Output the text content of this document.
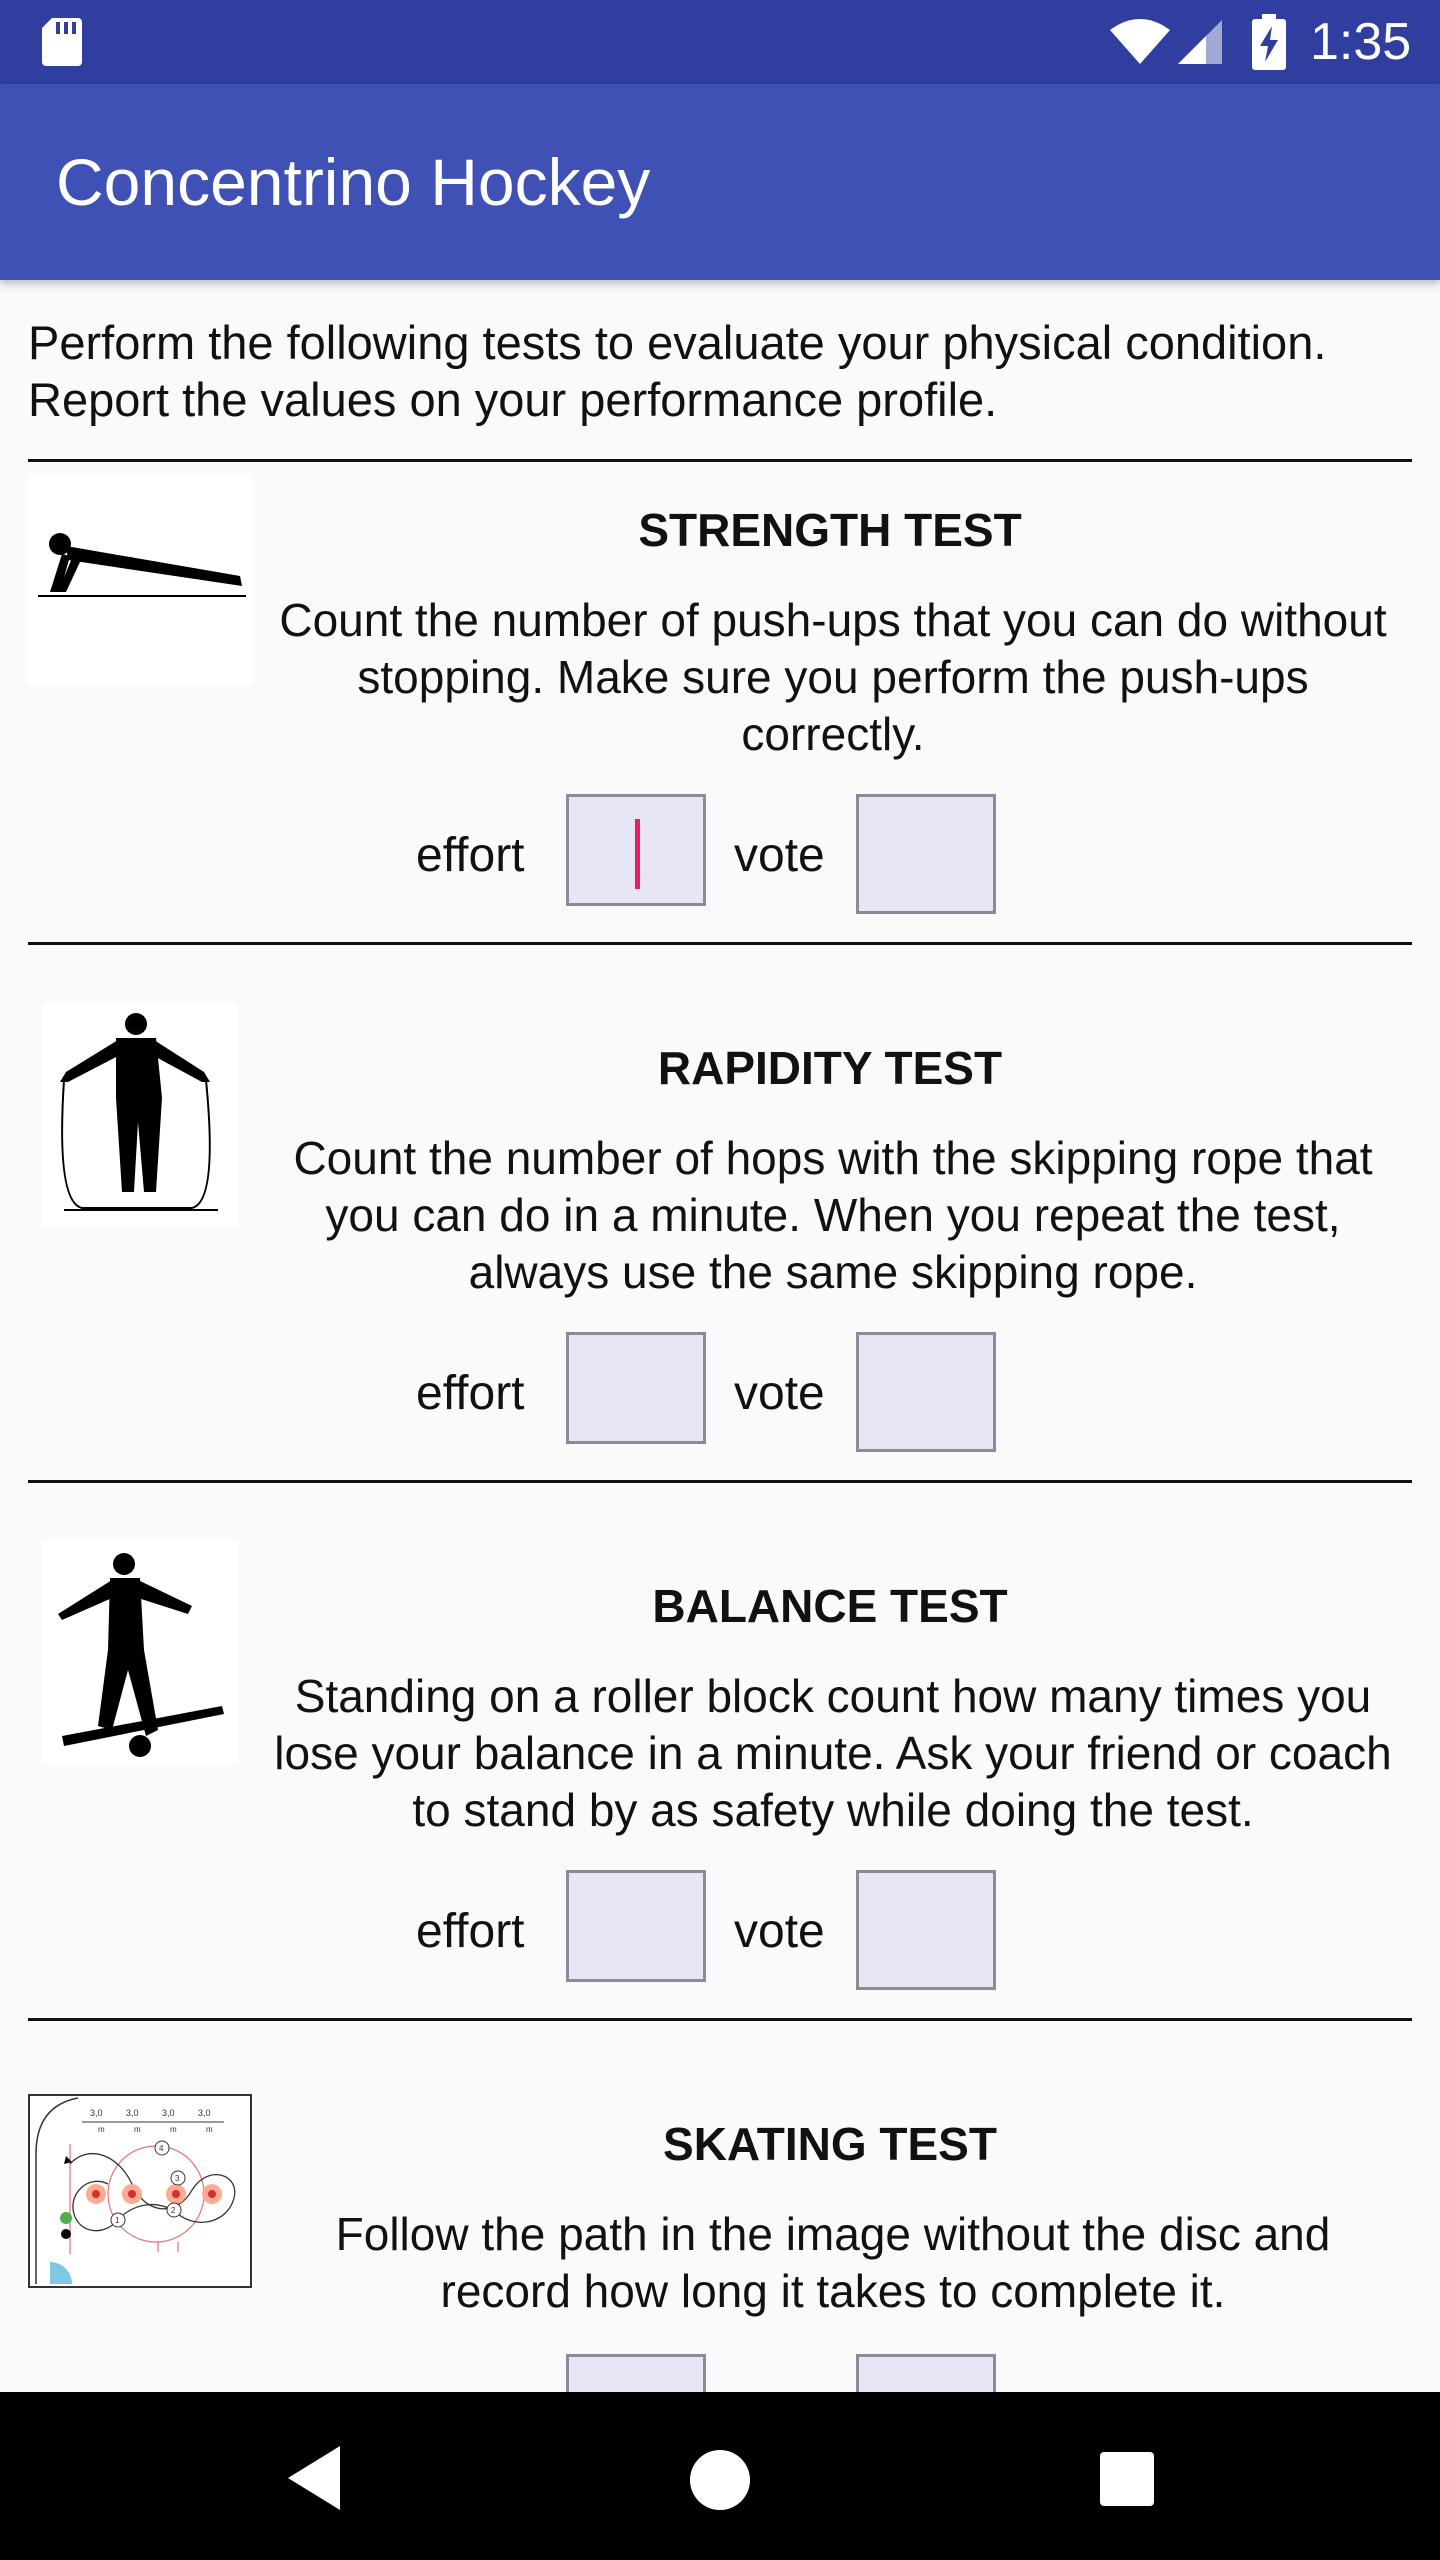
1:35
Concentrino Hockey
Perform the following tests to evaluate your physical condition. Report the values on your performance profile.
STRENGTH TEST
Count the number of push-ups that you can do without stopping. Make sure you perform the push-ups correctly.
effort	vote
RAPIDITY TEST
Count the number of hops with the skipping rope that you can do in a minute. When you repeat the test, always use the same skipping rope.
effort	vote
BALANCE TEST
Standing on a roller block count how many times you lose your balance in a minute. Ask your friend or coach to stand by as safety while doing the test.
effort	vote
3,0	3,0	3,0	3,0
m	m	m	m
1
2
3
4	SKATING TEST
Follow the path in the image without the disc and record how long it takes to complete it.
